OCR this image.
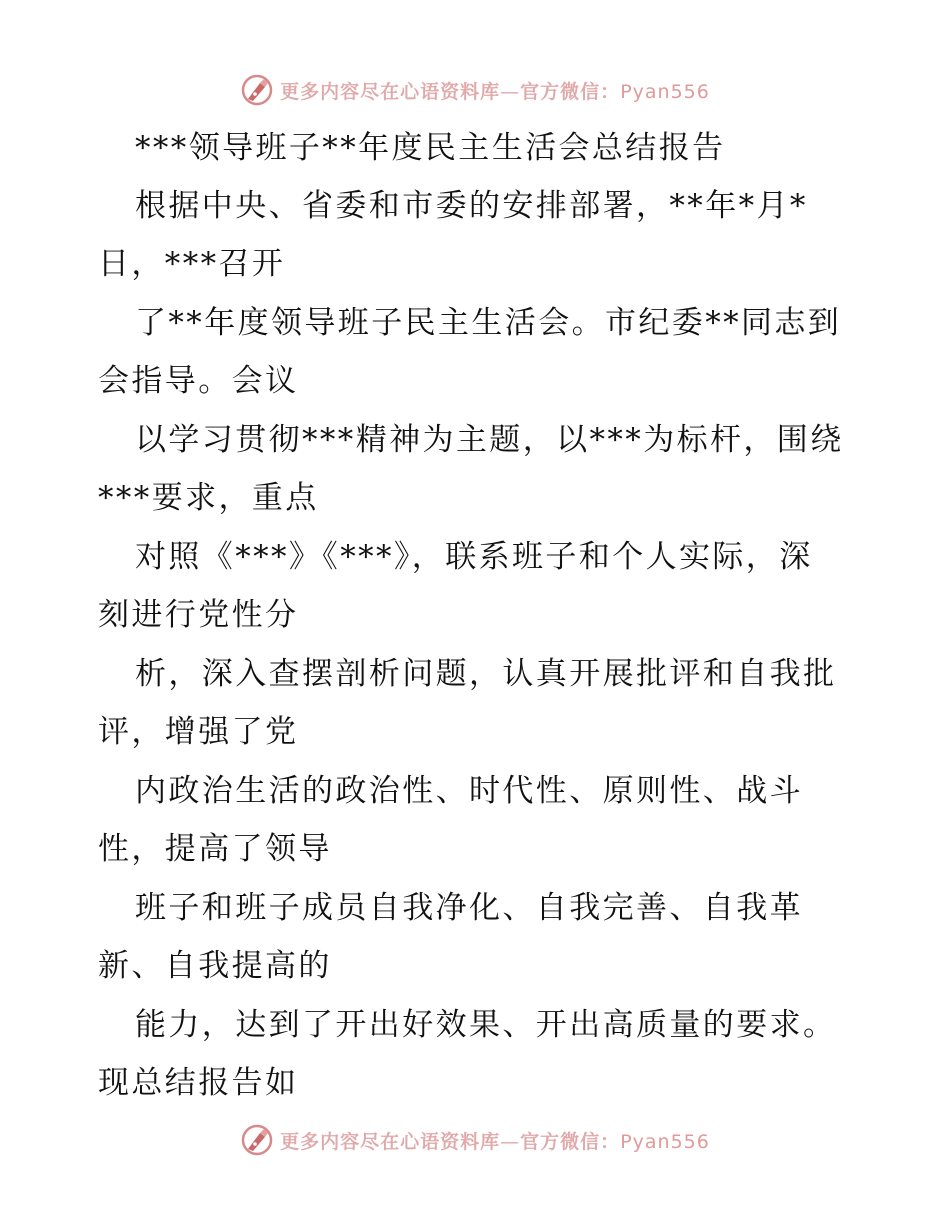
更多内容尽在心语资料库—官方微信：Pyan556
***领导班子**年度民主生活会总结报告
根据中央、省委和市委的安排部署，**年*月*
日，***召开
了**年度领导班子民主生活会。市纪委**同志到
会指导。会议
以学习贯彻***精神为主题，以***为标杆，围绕
***要求，重点
对照《***》《***》，联系班子和个人实际，深
刻进行党性分
析，深入查摆剖析问题，认真开展批评和自我批
评，增强了党
内政治生活的政治性、时代性、原则性、战斗
性，提高了领导
班子和班子成员自我净化、自我完善、自我革
新、自我提高的
能力，达到了开出好效果、开出高质量的要求。
现总结报告如
更多内容尽在心语资料库—官方微信：Pyan556
